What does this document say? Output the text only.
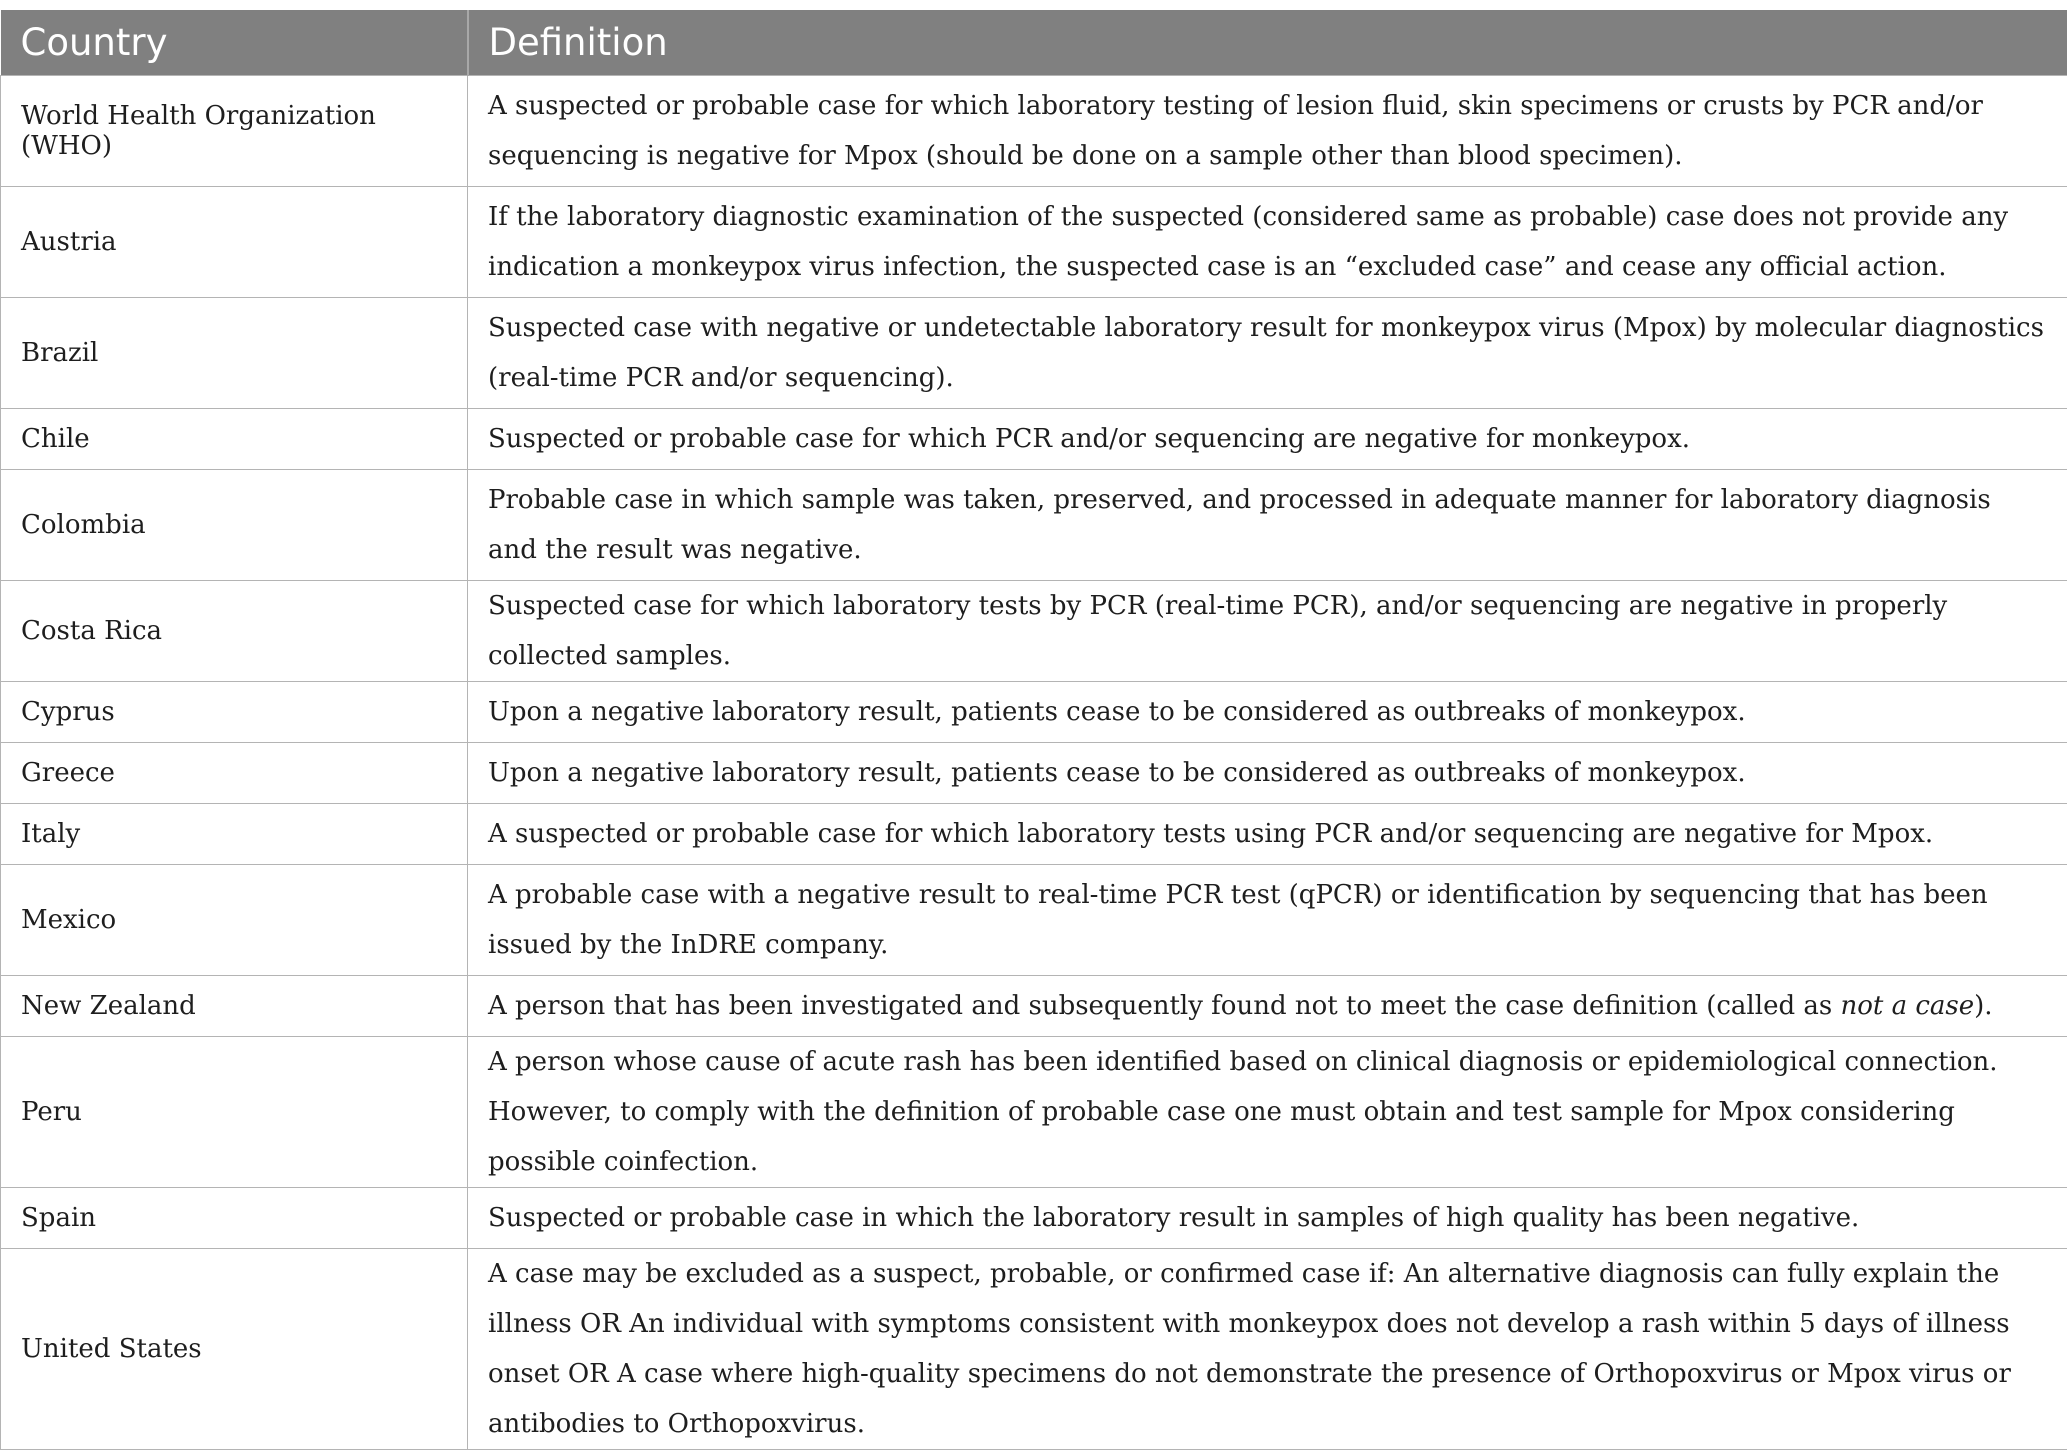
Country	Definition
World Health Organization (WHO)	A suspected or probable case for which laboratory testing of lesion fluid, skin specimens or crusts by PCR and/or sequencing is negative for Mpox (should be done on a sample other than blood specimen).
Austria	If the laboratory diagnostic examination of the suspected (considered same as probable) case does not provide any indication a monkeypox virus infection, the suspected case is an “excluded case” and cease any official action.
Brazil	Suspected case with negative or undetectable laboratory result for monkeypox virus (Mpox) by molecular diagnostics (real-time PCR and/or sequencing).
Chile	Suspected or probable case for which PCR and/or sequencing are negative for monkeypox.
Colombia	Probable case in which sample was taken, preserved, and processed in adequate manner for laboratory diagnosis and the result was negative.
Costa Rica	Suspected case for which laboratory tests by PCR (real-time PCR), and/or sequencing are negative in properly collected samples.
Cyprus	Upon a negative laboratory result, patients cease to be considered as outbreaks of monkeypox.
Greece	Upon a negative laboratory result, patients cease to be considered as outbreaks of monkeypox.
Italy	A suspected or probable case for which laboratory tests using PCR and/or sequencing are negative for Mpox.
Mexico	A probable case with a negative result to real-time PCR test (qPCR) or identification by sequencing that has been issued by the InDRE company.
New Zealand	A person that has been investigated and subsequently found not to meet the case definition (called as not a case).
Peru	A person whose cause of acute rash has been identified based on clinical diagnosis or epidemiological connection. However, to comply with the definition of probable case one must obtain and test sample for Mpox considering possible coinfection.
Spain	Suspected or probable case in which the laboratory result in samples of high quality has been negative.
United States	A case may be excluded as a suspect, probable, or confirmed case if: An alternative diagnosis can fully explain the illness OR An individual with symptoms consistent with monkeypox does not develop a rash within 5 days of illness onset OR A case where high-quality specimens do not demonstrate the presence of Orthopoxvirus or Mpox virus or antibodies to Orthopoxvirus.
